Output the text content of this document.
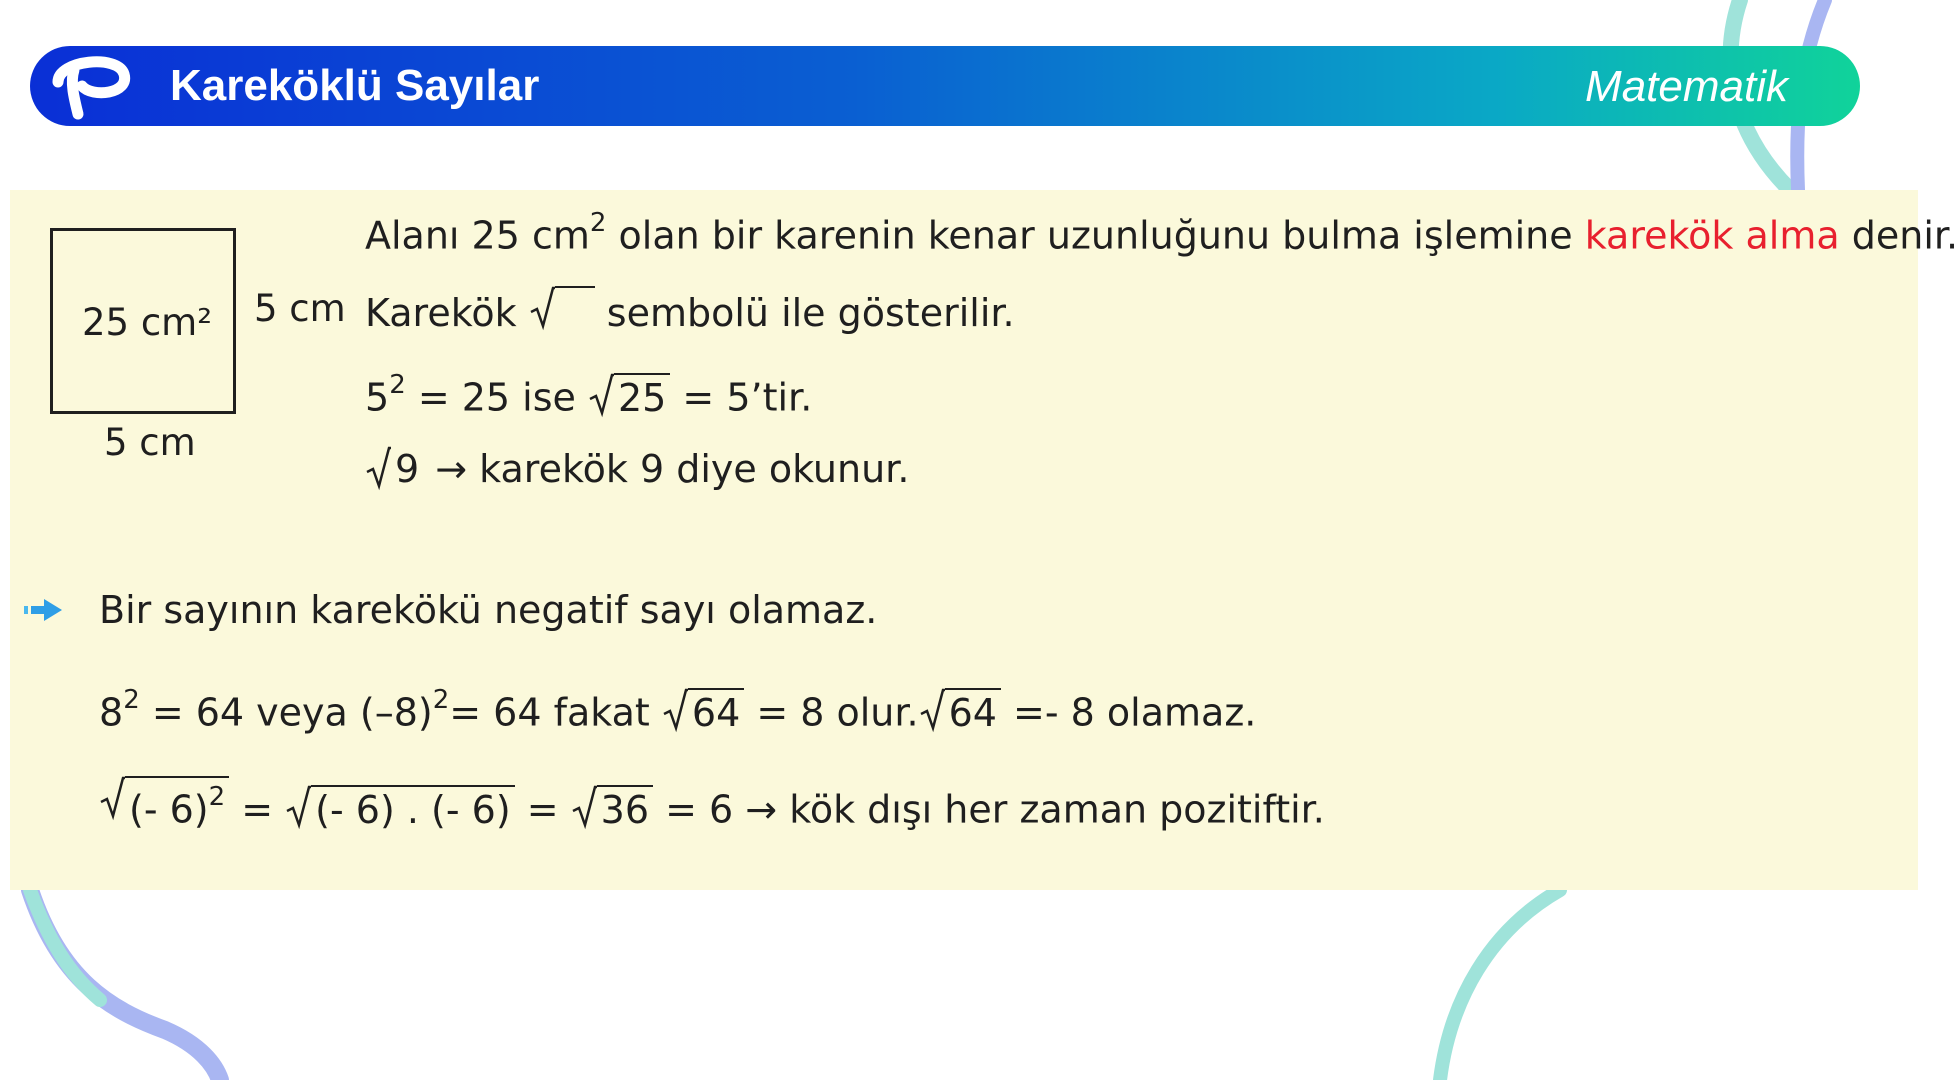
Kareköklü Sayılar	Matematik
25 cm² 5 cm
5 cm
Alanı 25 $cm^2$ olan bir karenin kenar uzunluğunu bulma işlemine karekök alma denir.
Karekök
sembolü ile gösterilir.
$5^2 = 25$ ise
25 = 5’tir.
9 → karekök 9 diye okunur.
Bir sayının karekökü negatif sayı olamaz.
$8^2 = 64$ veya $(-8)^2= 64$ fakat
64 = 8 olur. 64 =- 8 olamaz.
(- 6)$^2$ =
(- 6) . (- 6) =
36 = 6 → kök dışı her zaman pozitiftir.
